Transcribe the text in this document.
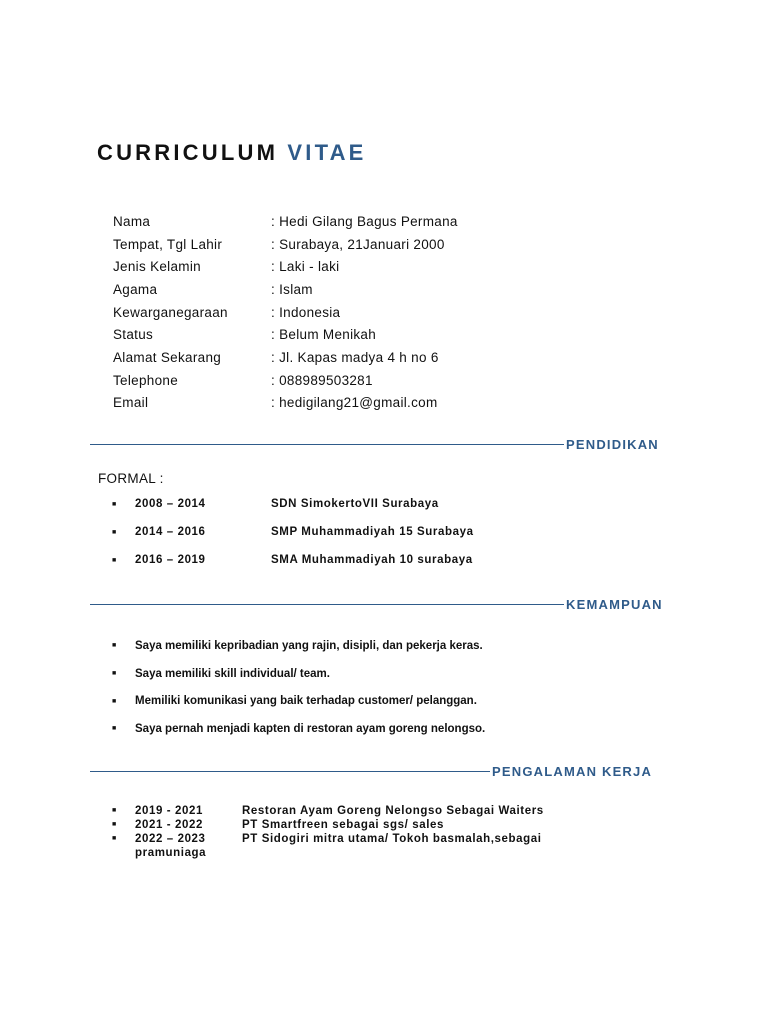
CURRICULUM VITAE
Nama	: Hedi Gilang Bagus Permana
Tempat, Tgl Lahir	: Surabaya, 21Januari 2000
Jenis Kelamin	: Laki - laki
Agama	: Islam
Kewarganegaraan	: Indonesia
Status	: Belum Menikah
Alamat Sekarang	: Jl. Kapas madya 4 h no 6
Telephone	: 088989503281
Email	: hedigilang21@gmail.com
PENDIDIKAN
FORMAL :
■	2008 – 2014	SDN SimokertoVII Surabaya
■	2014 – 2016	SMP Muhammadiyah 15 Surabaya
■	2016 – 2019	SMA Muhammadiyah 10 surabaya
KEMAMPUAN
■	Saya memiliki kepribadian yang rajin, disipli, dan pekerja keras.
■	Saya memiliki skill individual/ team.
■	Memiliki komunikasi yang baik terhadap customer/ pelanggan.
■	Saya pernah menjadi kapten di restoran ayam goreng nelongso.
PENGALAMAN KERJA
■	2019 - 2021	Restoran Ayam Goreng Nelongso Sebagai Waiters
■	2021 - 2022	PT Smartfreen sebagai sgs/ sales
■	2022 – 2023	PT Sidogiri mitra utama/ Tokoh basmalah,sebagai
pramuniaga
